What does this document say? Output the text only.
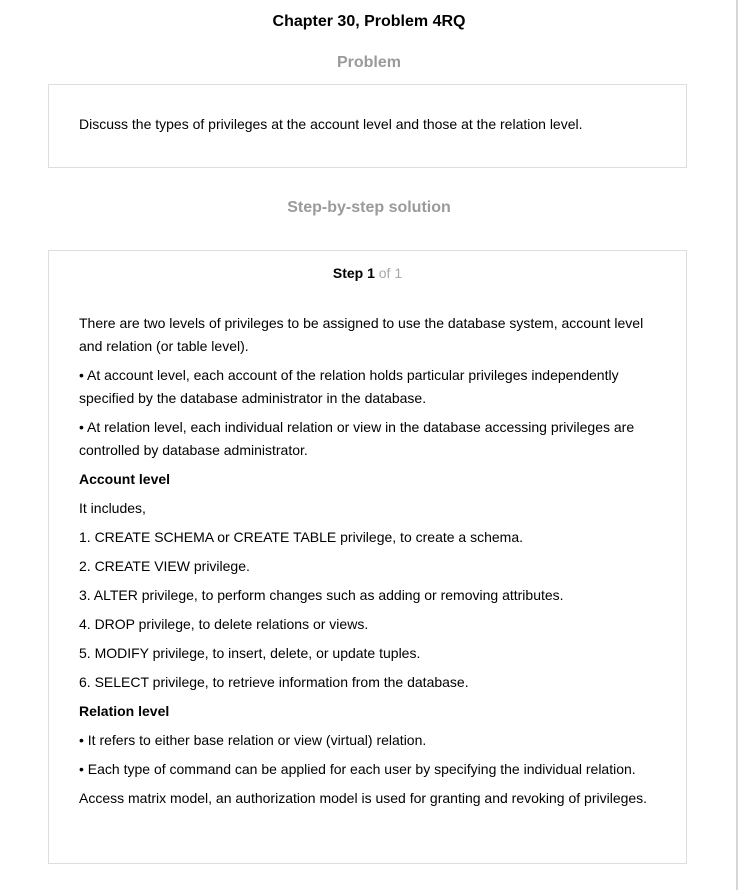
Chapter 30, Problem 4RQ
Problem
Discuss the types of privileges at the account level and those at the relation level.
Step-by-step solution
Step 1 of 1

There are two levels of privileges to be assigned to use the database system, account level and relation (or table level).

• At account level, each account of the relation holds particular privileges independently specified by the database administrator in the database.

• At relation level, each individual relation or view in the database accessing privileges are controlled by database administrator.

Account level

It includes,

1. CREATE SCHEMA or CREATE TABLE privilege, to create a schema.

2. CREATE VIEW privilege.

3. ALTER privilege, to perform changes such as adding or removing attributes.

4. DROP privilege, to delete relations or views.

5. MODIFY privilege, to insert, delete, or update tuples.

6. SELECT privilege, to retrieve information from the database.

Relation level

• It refers to either base relation or view (virtual) relation.

• Each type of command can be applied for each user by specifying the individual relation.

Access matrix model, an authorization model is used for granting and revoking of privileges.
